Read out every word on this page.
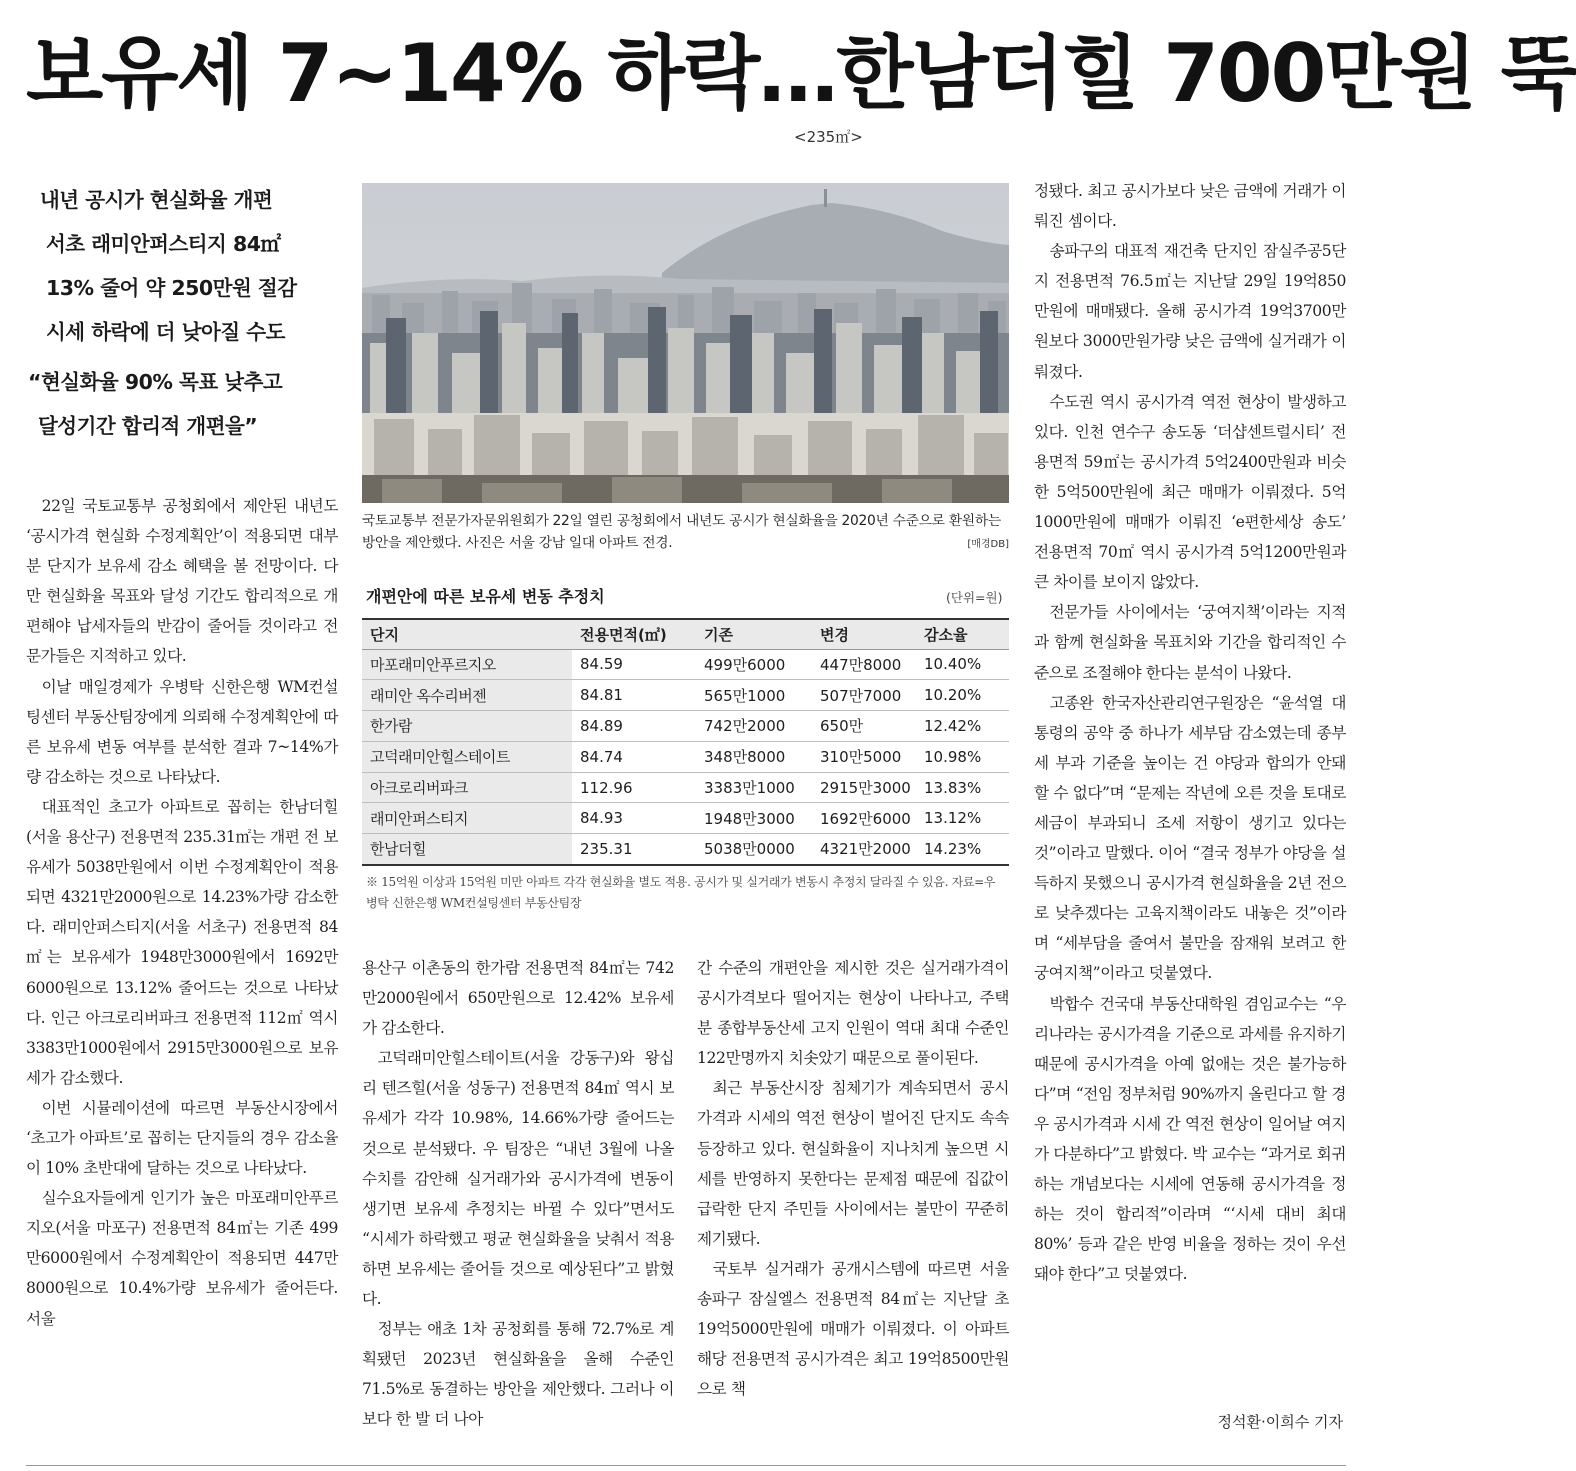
보유세 7~14% 하락…한남더힐 700만원 뚝
<235㎡>
내년 공시가 현실화율 개편
서초 래미안퍼스티지 84㎡
13% 줄어 약 250만원 절감
시세 하락에 더 낮아질 수도
“현실화율 90% 목표 낮추고
달성기간 합리적 개편을”

22일 국토교통부 공청회에서 제안된 내년도 ‘공시가격 현실화 수정계획안’이 적용되면 대부분 단지가 보유세 감소 혜택을 볼 전망이다. 다만 현실화율 목표와 달성 기간도 합리적으로 개편해야 납세자들의 반감이 줄어들 것이라고 전문가들은 지적하고 있다.

이날 매일경제가 우병탁 신한은행 WM컨설팅센터 부동산팀장에게 의뢰해 수정계획안에 따른 보유세 변동 여부를 분석한 결과 7~14%가량 감소하는 것으로 나타났다.

대표적인 초고가 아파트로 꼽히는 한남더힐(서울 용산구) 전용면적 235.31㎡는 개편 전 보유세가 5038만원에서 이번 수정계획안이 적용되면 4321만2000원으로 14.23%가량 감소한다. 래미안퍼스티지(서울 서초구) 전용면적 84㎡는 보유세가 1948만3000원에서 1692만6000원으로 13.12% 줄어드는 것으로 나타났다. 인근 아크로리버파크 전용면적 112㎡ 역시 3383만1000원에서 2915만3000원으로 보유세가 감소했다.

이번 시뮬레이션에 따르면 부동산시장에서 ‘초고가 아파트’로 꼽히는 단지들의 경우 감소율이 10% 초반대에 달하는 것으로 나타났다.

실수요자들에게 인기가 높은 마포래미안푸르지오(서울 마포구) 전용면적 84㎡는 기존 499만6000원에서 수정계획안이 적용되면 447만8000원으로 10.4%가량 보유세가 줄어든다. 서울

국토교통부 전문가자문위원회가 22일 열린 공청회에서 내년도 공시가 현실화율을 2020년 수준으로 환원하는 방안을 제안했다. 사진은 서울 강남 일대 아파트 전경.	[매경DB]
개편안에 따른 보유세 변동 추정치	(단위=원)
단지	전용면적(㎡)	기존	변경	감소율
마포래미안푸르지오	84.59	499만6000	447만8000	10.40%
래미안 옥수리버젠	84.81	565만1000	507만7000	10.20%
한가람	84.89	742만2000	650만	12.42%
고덕래미안힐스테이트	84.74	348만8000	310만5000	10.98%
아크로리버파크	112.96	3383만1000	2915만3000	13.83%
래미안퍼스티지	84.93	1948만3000	1692만6000	13.12%
한남더힐	235.31	5038만0000	4321만2000	14.23%
※ 15억원 이상과 15억원 미만 아파트 각각 현실화율 별도 적용. 공시가 및 실거래가 변동시 추정치 달라질 수 있음. 자료=우병탁 신한은행 WM컨설팅센터 부동산팀장

용산구 이촌동의 한가람 전용면적 84㎡는 742만2000원에서 650만원으로 12.42% 보유세가 감소한다.

고덕래미안힐스테이트(서울 강동구)와 왕십리 텐즈힐(서울 성동구) 전용면적 84㎡ 역시 보유세가 각각 10.98%, 14.66%가량 줄어드는 것으로 분석됐다. 우 팀장은 “내년 3월에 나올 수치를 감안해 실거래가와 공시가격에 변동이 생기면 보유세 추정치는 바뀔 수 있다”면서도 “시세가 하락했고 평균 현실화율을 낮춰서 적용하면 보유세는 줄어들 것으로 예상된다”고 밝혔다.

정부는 애초 1차 공청회를 통해 72.7%로 계획됐던 2023년 현실화율을 올해 수준인 71.5%로 동결하는 방안을 제안했다. 그러나 이보다 한 발 더 나아

간 수준의 개편안을 제시한 것은 실거래가격이 공시가격보다 떨어지는 현상이 나타나고, 주택분 종합부동산세 고지 인원이 역대 최대 수준인 122만명까지 치솟았기 때문으로 풀이된다.

최근 부동산시장 침체기가 계속되면서 공시가격과 시세의 역전 현상이 벌어진 단지도 속속 등장하고 있다. 현실화율이 지나치게 높으면 시세를 반영하지 못한다는 문제점 때문에 집값이 급락한 단지 주민들 사이에서는 불만이 꾸준히 제기됐다.

국토부 실거래가 공개시스템에 따르면 서울 송파구 잠실엘스 전용면적 84㎡는 지난달 초 19억5000만원에 매매가 이뤄졌다. 이 아파트 해당 전용면적 공시가격은 최고 19억8500만원으로 책

정됐다. 최고 공시가보다 낮은 금액에 거래가 이뤄진 셈이다.

송파구의 대표적 재건축 단지인 잠실주공5단지 전용면적 76.5㎡는 지난달 29일 19억850만원에 매매됐다. 올해 공시가격 19억3700만원보다 3000만원가량 낮은 금액에 실거래가 이뤄졌다.

수도권 역시 공시가격 역전 현상이 발생하고 있다. 인천 연수구 송도동 ‘더샵센트럴시티’ 전용면적 59㎡는 공시가격 5억2400만원과 비슷한 5억500만원에 최근 매매가 이뤄졌다. 5억1000만원에 매매가 이뤄진 ‘e편한세상 송도’ 전용면적 70㎡ 역시 공시가격 5억1200만원과 큰 차이를 보이지 않았다.

전문가들 사이에서는 ‘궁여지책’이라는 지적과 함께 현실화율 목표치와 기간을 합리적인 수준으로 조절해야 한다는 분석이 나왔다.

고종완 한국자산관리연구원장은 “윤석열 대통령의 공약 중 하나가 세부담 감소였는데 종부세 부과 기준을 높이는 건 야당과 합의가 안돼 할 수 없다”며 “문제는 작년에 오른 것을 토대로 세금이 부과되니 조세 저항이 생기고 있다는 것”이라고 말했다. 이어 “결국 정부가 야당을 설득하지 못했으니 공시가격 현실화율을 2년 전으로 낮추겠다는 고육지책이라도 내놓은 것”이라며 “세부담을 줄여서 불만을 잠재워 보려고 한 궁여지책”이라고 덧붙였다.

박합수 건국대 부동산대학원 겸임교수는 “우리나라는 공시가격을 기준으로 과세를 유지하기 때문에 공시가격을 아예 없애는 것은 불가능하다”며 “전임 정부처럼 90%까지 올린다고 할 경우 공시가격과 시세 간 역전 현상이 일어날 여지가 다분하다”고 밝혔다. 박 교수는 “과거로 회귀하는 개념보다는 시세에 연동해 공시가격을 정하는 것이 합리적”이라며 “‘시세 대비 최대 80%’ 등과 같은 반영 비율을 정하는 것이 우선돼야 한다”고 덧붙였다.

정석환·이희수 기자
